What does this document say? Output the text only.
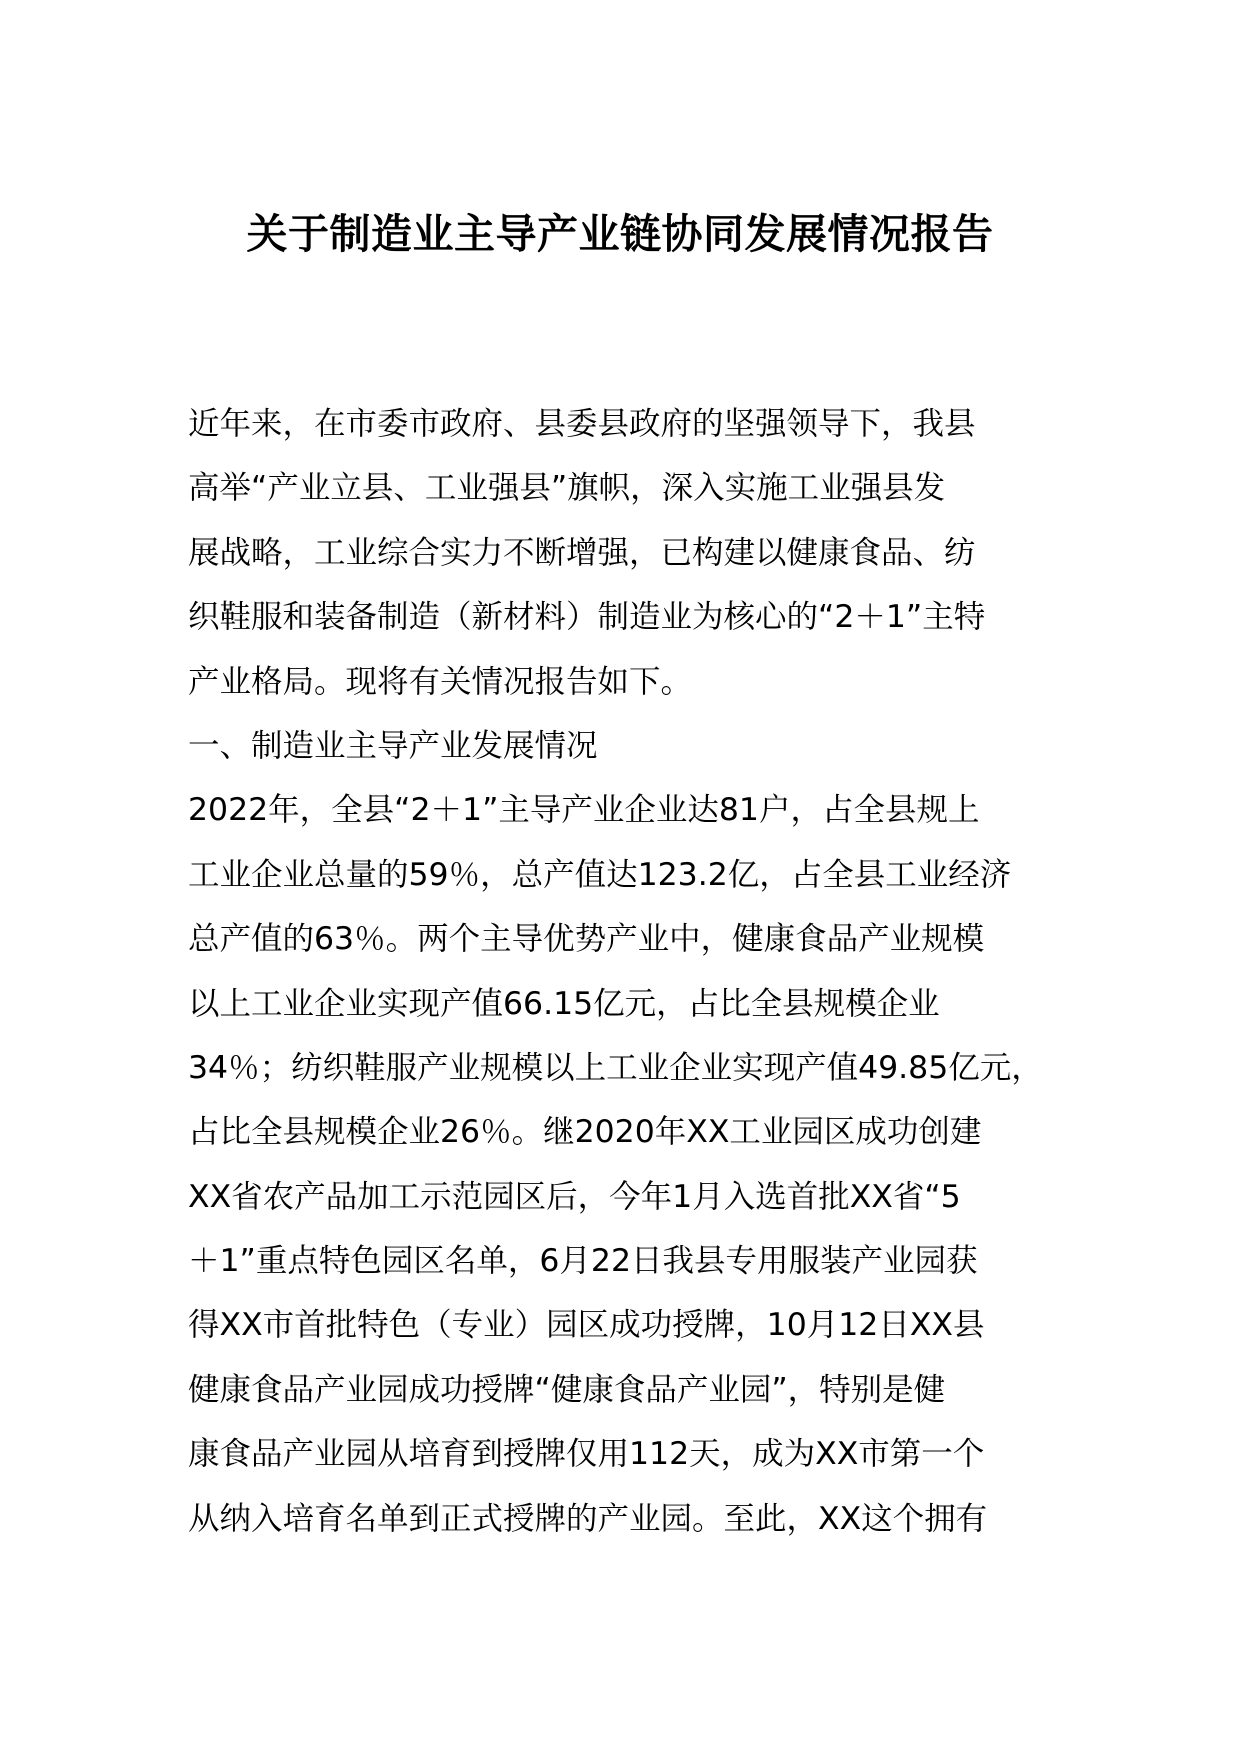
关于制造业主导产业链协同发展情况报告
近年来，在市委市政府、县委县政府的坚强领导下，我县
高举“产业立县、工业强县”旗帜，深入实施工业强县发
展战略，工业综合实力不断增强，已构建以健康食品、纺
织鞋服和装备制造（新材料）制造业为核心的“2＋1”主特
产业格局。现将有关情况报告如下。
一、制造业主导产业发展情况
2022年，全县“2＋1”主导产业企业达81户，占全县规上
工业企业总量的59％，总产值达123.2亿，占全县工业经济
总产值的63％。两个主导优势产业中，健康食品产业规模
以上工业企业实现产值66.15亿元，占比全县规模企业
34％；纺织鞋服产业规模以上工业企业实现产值49.85亿元，
占比全县规模企业26％。继2020年XX工业园区成功创建
XX省农产品加工示范园区后，今年1月入选首批XX省“5
＋1”重点特色园区名单，6月22日我县专用服装产业园获
得XX市首批特色（专业）园区成功授牌，10月12日XX县
健康食品产业园成功授牌“健康食品产业园”，特别是健
康食品产业园从培育到授牌仅用112天，成为XX市第一个
从纳入培育名单到正式授牌的产业园。至此，XX这个拥有
